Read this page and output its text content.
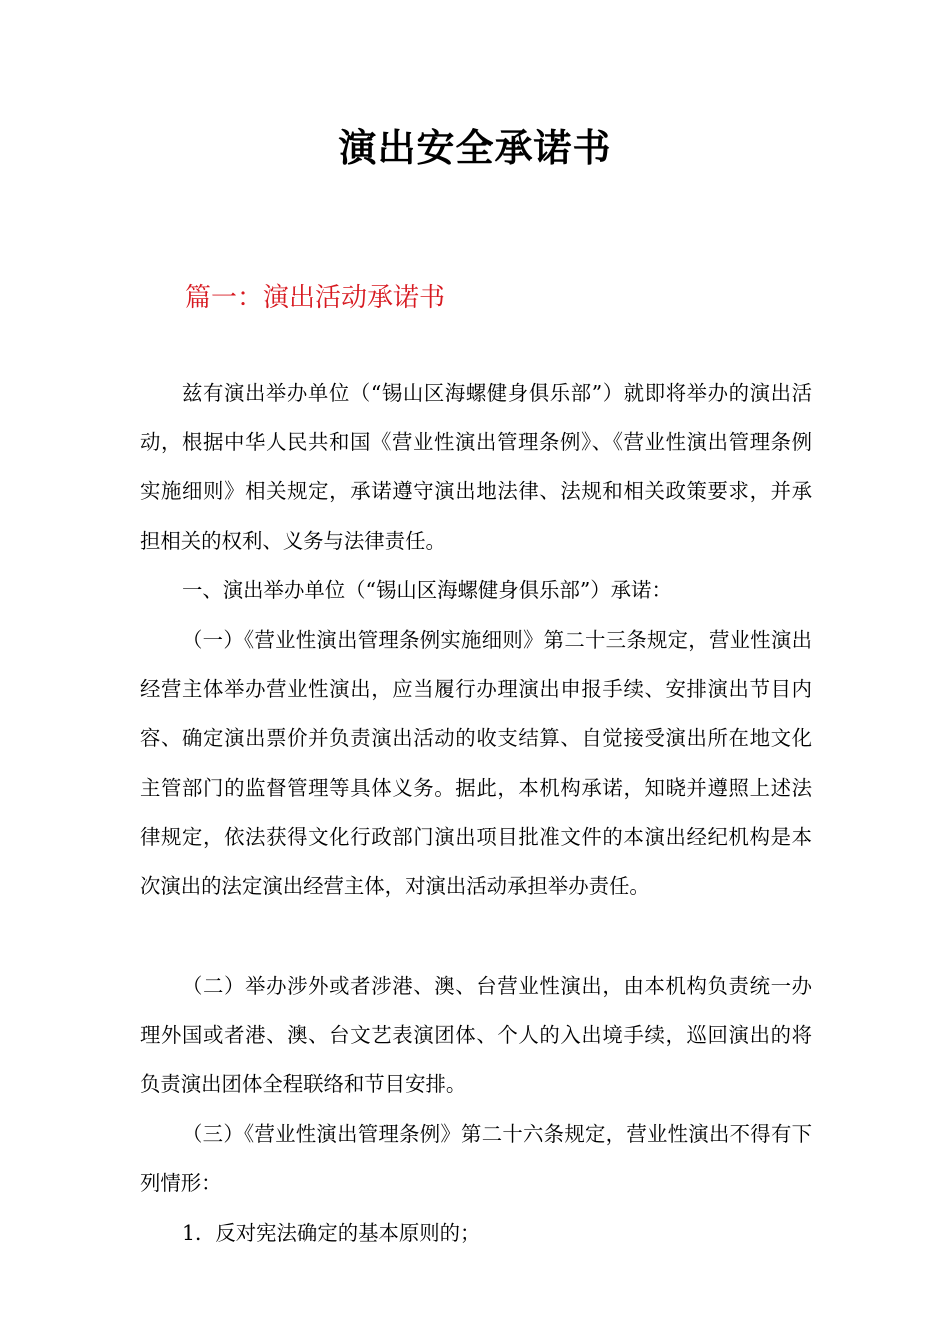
演出安全承诺书
篇一：演出活动承诺书

兹有演出举办单位（“锡山区海螺健身俱乐部”）就即将举办的演出活动，根据中华人民共和国《营业性演出管理条例》、《营业性演出管理条例实施细则》相关规定，承诺遵守演出地法律、法规和相关政策要求，并承担相关的权利、义务与法律责任。

一、演出举办单位（“锡山区海螺健身俱乐部”）承诺：

（一）《营业性演出管理条例实施细则》第二十三条规定，营业性演出经营主体举办营业性演出，应当履行办理演出申报手续、安排演出节目内容、确定演出票价并负责演出活动的收支结算、自觉接受演出所在地文化主管部门的监督管理等具体义务。据此，本机构承诺，知晓并遵照上述法律规定，依法获得文化行政部门演出项目批准文件的本演出经纪机构是本次演出的法定演出经营主体，对演出活动承担举办责任。

（二）举办涉外或者涉港、澳、台营业性演出，由本机构负责统一办理外国或者港、澳、台文艺表演团体、个人的入出境手续，巡回演出的将负责演出团体全程联络和节目安排。

（三）《营业性演出管理条例》第二十六条规定，营业性演出不得有下列情形：

1．反对宪法确定的基本原则的；
